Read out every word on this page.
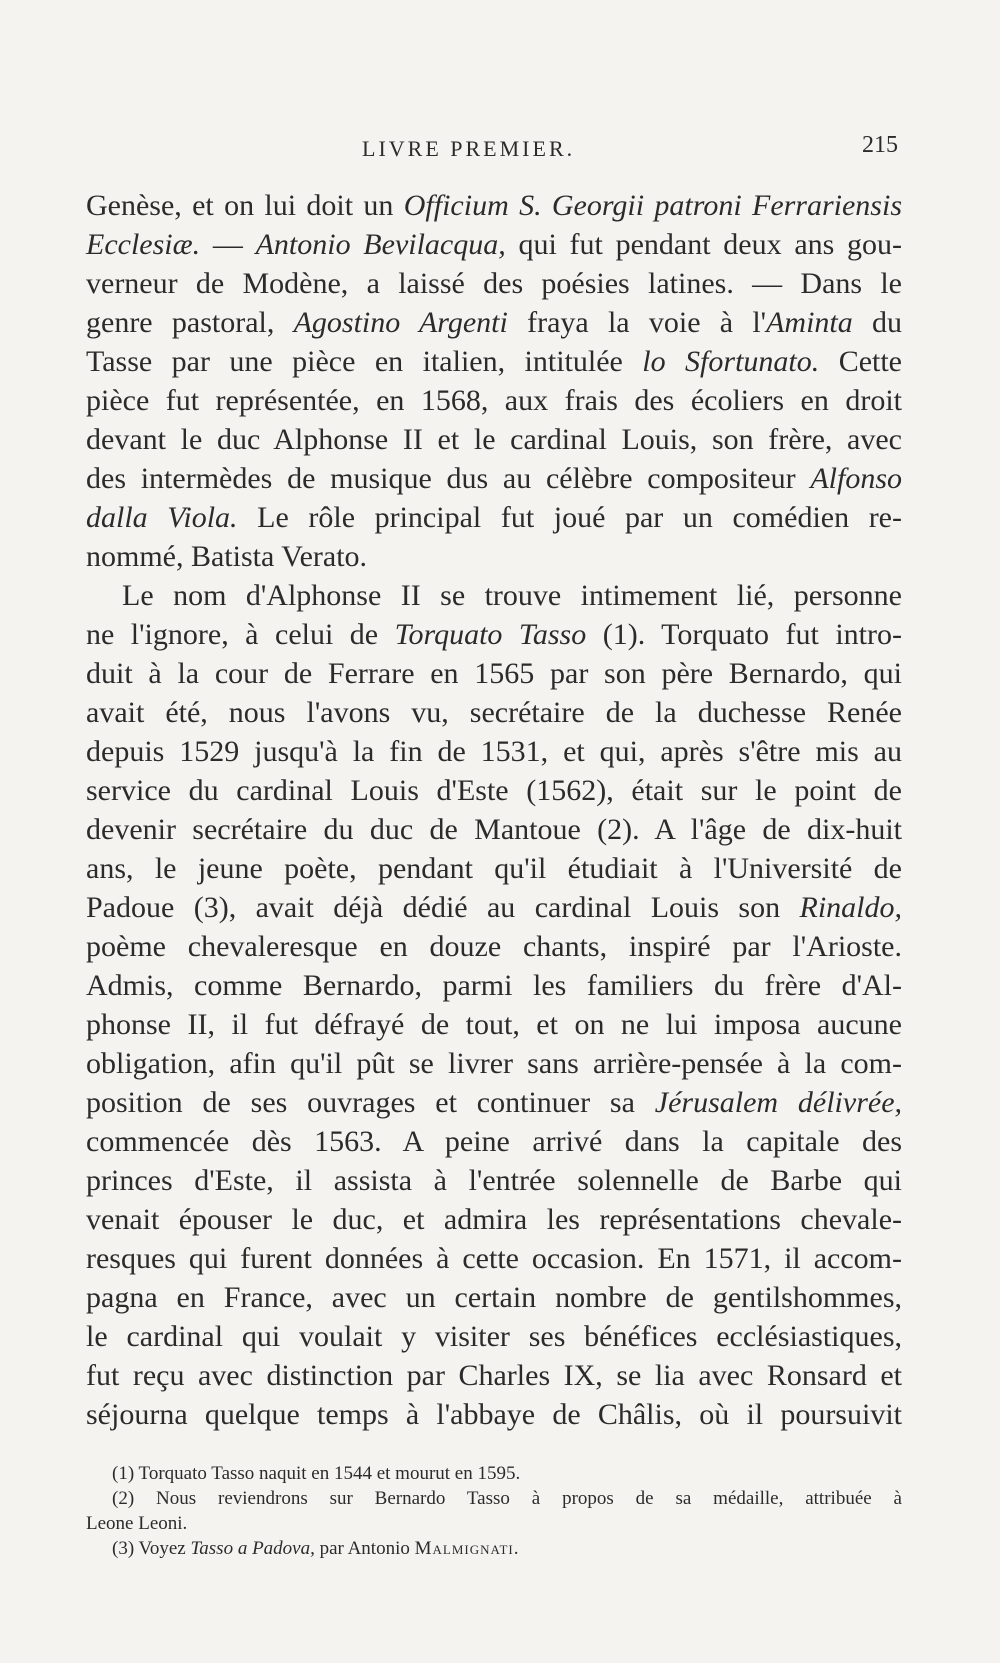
LIVRE PREMIER.	215
Genèse, et on lui doit un Officium S. Georgii patroni Ferrariensis
Ecclesiæ. — Antonio Bevilacqua, qui fut pendant deux ans gou-
verneur de Modène, a laissé des poésies latines. — Dans le
genre pastoral, Agostino Argenti fraya la voie à l'Aminta du
Tasse par une pièce en italien, intitulée lo Sfortunato. Cette
pièce fut représentée, en 1568, aux frais des écoliers en droit
devant le duc Alphonse II et le cardinal Louis, son frère, avec
des intermèdes de musique dus au célèbre compositeur Alfonso
dalla Viola. Le rôle principal fut joué par un comédien re-
nommé, Batista Verato.
Le nom d'Alphonse II se trouve intimement lié, personne
ne l'ignore, à celui de Torquato Tasso (1). Torquato fut intro-
duit à la cour de Ferrare en 1565 par son père Bernardo, qui
avait été, nous l'avons vu, secrétaire de la duchesse Renée
depuis 1529 jusqu'à la fin de 1531, et qui, après s'être mis au
service du cardinal Louis d'Este (1562), était sur le point de
devenir secrétaire du duc de Mantoue (2). A l'âge de dix-huit
ans, le jeune poète, pendant qu'il étudiait à l'Université de
Padoue (3), avait déjà dédié au cardinal Louis son Rinaldo,
poème chevaleresque en douze chants, inspiré par l'Arioste.
Admis, comme Bernardo, parmi les familiers du frère d'Al-
phonse II, il fut défrayé de tout, et on ne lui imposa aucune
obligation, afin qu'il pût se livrer sans arrière-pensée à la com-
position de ses ouvrages et continuer sa Jérusalem délivrée,
commencée dès 1563. A peine arrivé dans la capitale des
princes d'Este, il assista à l'entrée solennelle de Barbe qui
venait épouser le duc, et admira les représentations chevale-
resques qui furent données à cette occasion. En 1571, il accom-
pagna en France, avec un certain nombre de gentilshommes,
le cardinal qui voulait y visiter ses bénéfices ecclésiastiques,
fut reçu avec distinction par Charles IX, se lia avec Ronsard et
séjourna quelque temps à l'abbaye de Châlis, où il poursuivit
(1) Torquato Tasso naquit en 1544 et mourut en 1595.
(2) Nous reviendrons sur Bernardo Tasso à propos de sa médaille, attribuée à
Leone Leoni.
(3) Voyez Tasso a Padova, par Antonio Malmignati.
